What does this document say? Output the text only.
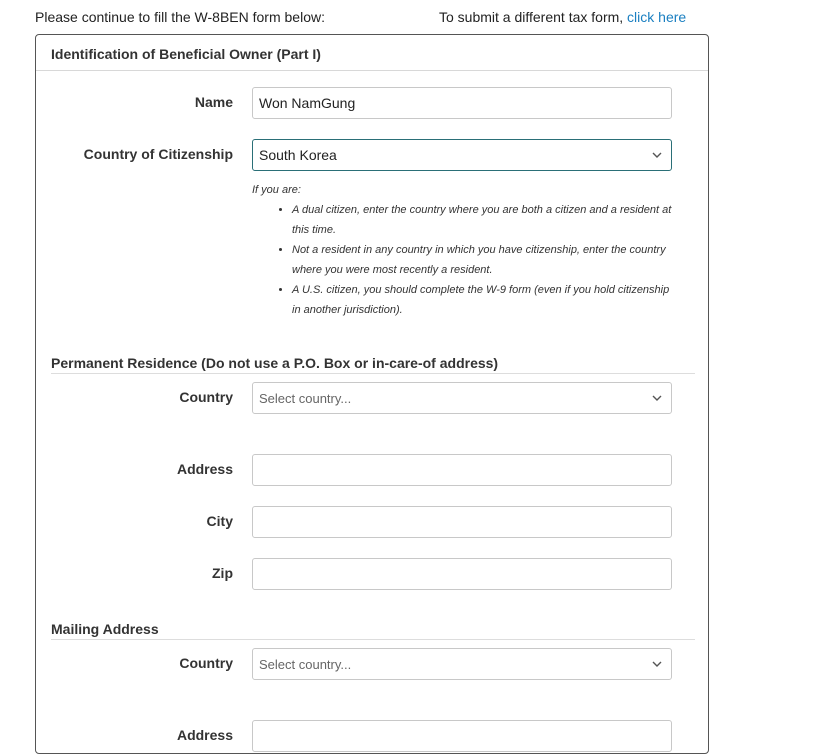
Please continue to fill the W-8BEN form below:	To submit a different tax form, click here
Identification of Beneficial Owner (Part I)
Name	Won NamGung
Country of Citizenship	South Korea
If you are:
• A dual citizen, enter the country where you are both a citizen and a resident at this time.
• Not a resident in any country in which you have citizenship, enter the country where you were most recently a resident.
• A U.S. citizen, you should complete the W-9 form (even if you hold citizenship in another jurisdiction).
Permanent Residence (Do not use a P.O. Box or in-care-of address)
Country	Select country...
Address
City
Zip
Mailing Address
Country	Select country...
Address
